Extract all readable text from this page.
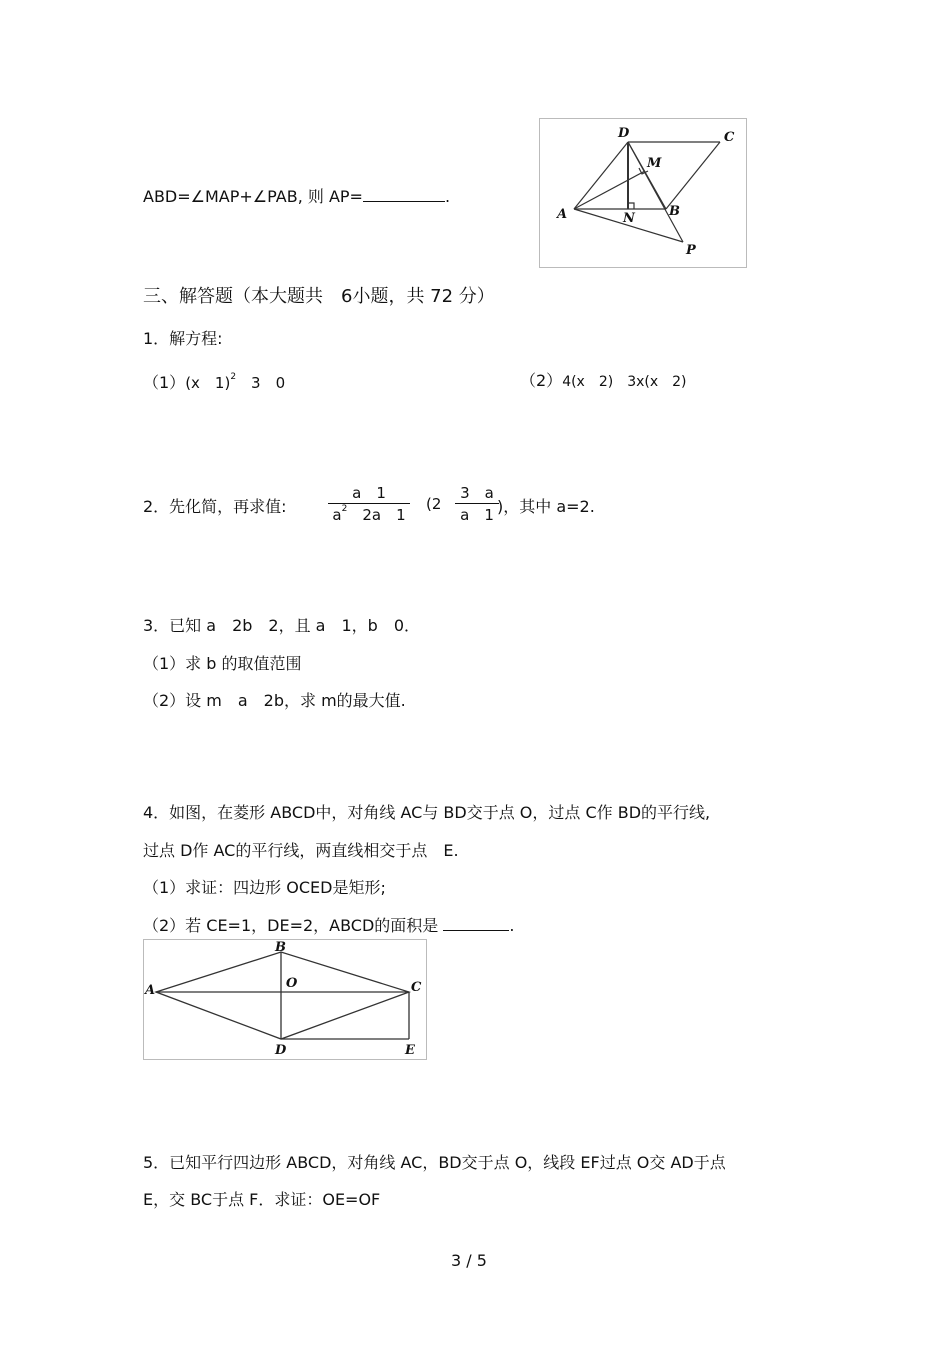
ABD=∠MAP+∠PAB, 则 AP=	.
D	C
M
A	N	B
P
三、解答题（本大题共　6小题，共 72 分）
1．解方程:
（1）(x　1)$^2$　3　0	（2）4(x　2)　3x(x　2)
2．先化简，再求值:	$\frac{a 1}{a^2 2a 1} (2 \frac{3 a}{a 1}$
)，其中 a=2.
3．已知 a　2b　2，且 a　1，b　0．
（1）求 b 的取值范围
（2）设 m　a　2b，求 m的最大值.
4．如图，在菱形 ABCD中，对角线 AC与 BD交于点 O，过点 C作 BD的平行线,
过点 D作 AC的平行线，两直线相交于点　E.
（1）求证：四边形 OCED是矩形;
（2）若 CE=1，DE=2，ABCD的面积是	.
A
B
O	C
D	E
5．已知平行四边形 ABCD，对角线 AC，BD交于点 O，线段 EF过点 O交 AD于点
E，交 BC于点 F．求证：OE=OF
3 / 5
